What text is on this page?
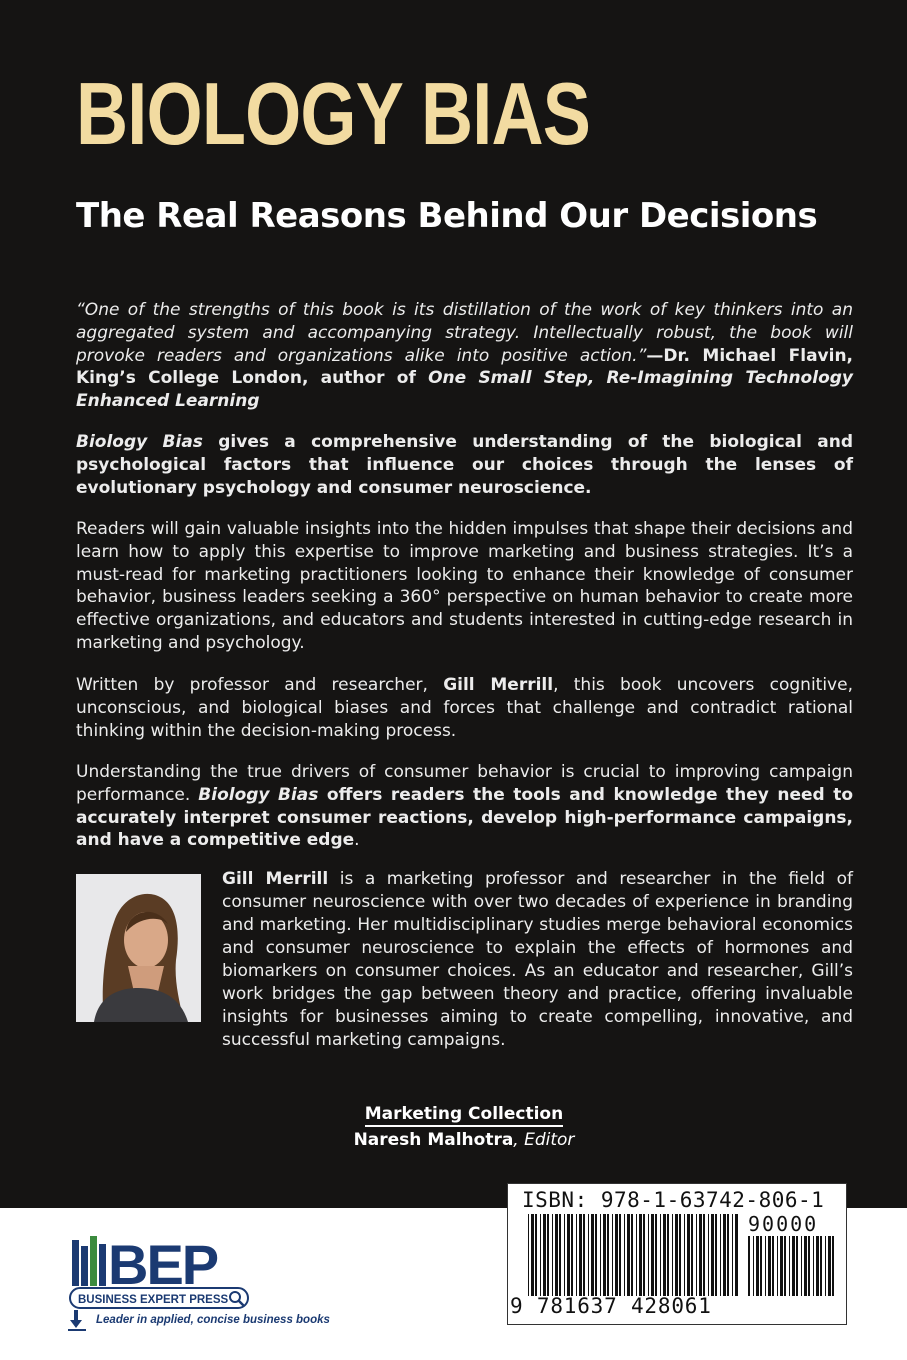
BIOLOGY BIAS
The Real Reasons Behind Our Decisions
“One of the strengths of this book is its distillation of the work of key thinkers into an aggregated system and accompanying strategy. Intellectually robust, the book will provoke readers and organizations alike into positive action.”—Dr. Michael Flavin, King’s College London, author of One Small Step, Re-Imagining Technology Enhanced Learning
Biology Bias gives a comprehensive understanding of the biological and psychological factors that influence our choices through the lenses of evolutionary psychology and consumer neuroscience.
Readers will gain valuable insights into the hidden impulses that shape their decisions and learn how to apply this expertise to improve marketing and business strategies. It’s a must-read for marketing practitioners looking to enhance their knowledge of consumer behavior, business leaders seeking a 360° perspective on human behavior to create more effective organizations, and educators and students interested in cutting-edge research in marketing and psychology.
Written by professor and researcher, Gill Merrill, this book uncovers cognitive, unconscious, and biological biases and forces that challenge and contradict rational thinking within the decision-making process.
Understanding the true drivers of consumer behavior is crucial to improving campaign performance. Biology Bias offers readers the tools and knowledge they need to accurately interpret consumer reactions, develop high-performance campaigns, and have a competitive edge.
Gill Merrill is a marketing professor and researcher in the field of consumer neuroscience with over two decades of experience in branding and marketing. Her multidisciplinary studies merge behavioral economics and consumer neuroscience to explain the effects of hormones and biomarkers on consumer choices. As an educator and researcher, Gill’s work bridges the gap between theory and practice, offering invaluable insights for businesses aiming to create compelling, innovative, and successful marketing campaigns.
Marketing Collection
Naresh Malhotra, Editor
ISBN: 978-1-63742-806-1
90000
9 781637 428061
BEP
BUSINESS EXPERT PRESS
Leader in applied, concise business books
